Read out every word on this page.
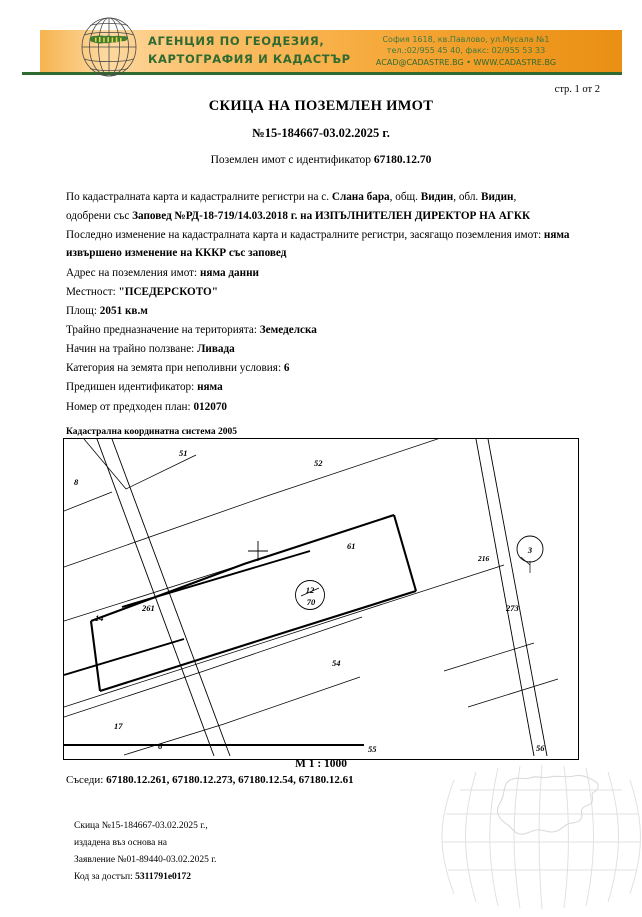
АГЕНЦИЯ ПО ГЕОДЕЗИЯ,
КАРТОГРАФИЯ И КАДАСТЪР
София 1618, кв.Павлово, ул.Мусала №1
тел.:02/955 45 40, факс: 02/955 53 33
ACAD@CADASTRE.BG • WWW.CADASTRE.BG
стр. 1 от 2
СКИЦА НА ПОЗЕМЛЕН ИМОТ
№15-184667-03.02.2025 г.
Поземлен имот с идентификатор 67180.12.70

По кадастралната карта и кадастралните регистри на с. Слана бара, общ. Видин, обл. Видин,

одобрени със Заповед №РД-18-719/14.03.2018 г. на ИЗПЪЛНИТЕЛЕН ДИРЕКТОР НА АГКК

Последно изменение на кадастралната карта и кадастралните регистри, засягащо поземления имот: няма извършено изменение на КККР със заповед

Адрес на поземления имот: няма данни

Местност: "ПСЕДЕРСКОТО"

Площ: 2051 кв.м

Трайно предназначение на територията: Земеделска

Начин на трайно ползване: Ливада

Категория на земята при неполивни условия: 6

Предишен идентификатор: няма

Номер от предходен план: 012070

Кадастрална координатна система 2005
12
70
3
216
51
52
8
61
14
261	273
17
54
6	55	56
М 1 : 1000
Съседи: 67180.12.261, 67180.12.273, 67180.12.54, 67180.12.61
Скица №15-184667-03.02.2025 г.,
издадена въз основа на
Заявление №01-89440-03.02.2025 г.
Код за достъп: 5311791e0172
